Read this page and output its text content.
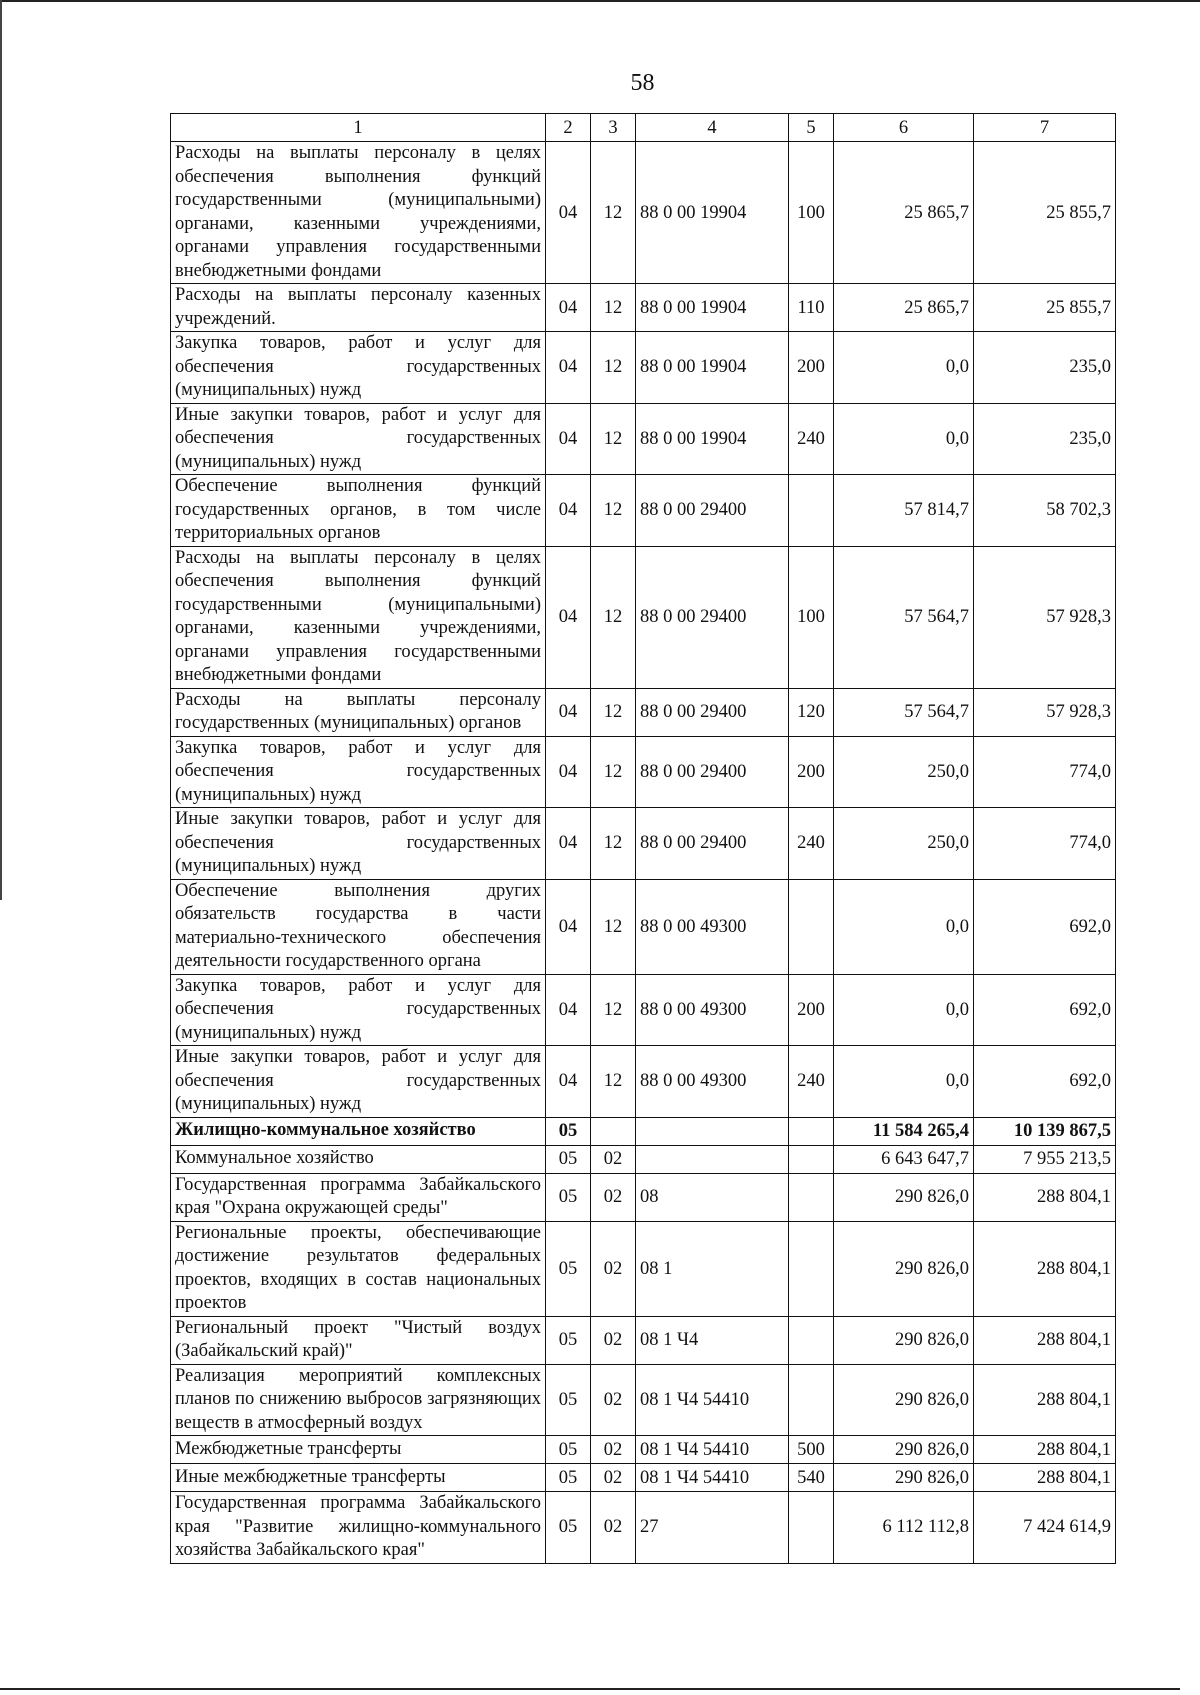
58
1	2	3	4	5	6	7
Расходы на выплаты персоналу в целях обеспечения выполнения функций государственными (муниципальными) органами, казенными учреждениями, органами управления государственными внебюджетными фондами	04	12	88 0 00 19904	100	25 865,7	25 855,7
Расходы на выплаты персоналу казенных учреждений.	04	12	88 0 00 19904	110	25 865,7	25 855,7
Закупка товаров, работ и услуг для обеспечения государственных (муниципальных) нужд	04	12	88 0 00 19904	200	0,0	235,0
Иные закупки товаров, работ и услуг для обеспечения государственных (муниципальных) нужд	04	12	88 0 00 19904	240	0,0	235,0
Обеспечение выполнения функций государственных органов, в том числе территориальных органов	04	12	88 0 00 29400		57 814,7	58 702,3
Расходы на выплаты персоналу в целях обеспечения выполнения функций государственными (муниципальными) органами, казенными учреждениями, органами управления государственными внебюджетными фондами	04	12	88 0 00 29400	100	57 564,7	57 928,3
Расходы на выплаты персоналу государственных (муниципальных) органов	04	12	88 0 00 29400	120	57 564,7	57 928,3
Закупка товаров, работ и услуг для обеспечения государственных (муниципальных) нужд	04	12	88 0 00 29400	200	250,0	774,0
Иные закупки товаров, работ и услуг для обеспечения государственных (муниципальных) нужд	04	12	88 0 00 29400	240	250,0	774,0
Обеспечение выполнения других обязательств государства в части материально-технического обеспечения деятельности государственного органа	04	12	88 0 00 49300		0,0	692,0
Закупка товаров, работ и услуг для обеспечения государственных (муниципальных) нужд	04	12	88 0 00 49300	200	0,0	692,0
Иные закупки товаров, работ и услуг для обеспечения государственных (муниципальных) нужд	04	12	88 0 00 49300	240	0,0	692,0
Жилищно-коммунальное хозяйство	05				11 584 265,4	10 139 867,5
Коммунальное хозяйство	05	02			6 643 647,7	7 955 213,5
Государственная программа Забайкальского края "Охрана окружающей среды"	05	02	08		290 826,0	288 804,1
Региональные проекты, обеспечивающие достижение результатов федеральных проектов, входящих в состав национальных проектов	05	02	08 1		290 826,0	288 804,1
Региональный проект "Чистый воздух (Забайкальский край)"	05	02	08 1 Ч4		290 826,0	288 804,1
Реализация мероприятий комплексных планов по снижению выбросов загрязняющих веществ в атмосферный воздух	05	02	08 1 Ч4 54410		290 826,0	288 804,1
Межбюджетные трансферты	05	02	08 1 Ч4 54410	500	290 826,0	288 804,1
Иные межбюджетные трансферты	05	02	08 1 Ч4 54410	540	290 826,0	288 804,1
Государственная программа Забайкальского края "Развитие жилищно-коммунального хозяйства Забайкальского края"	05	02	27		6 112 112,8	7 424 614,9
